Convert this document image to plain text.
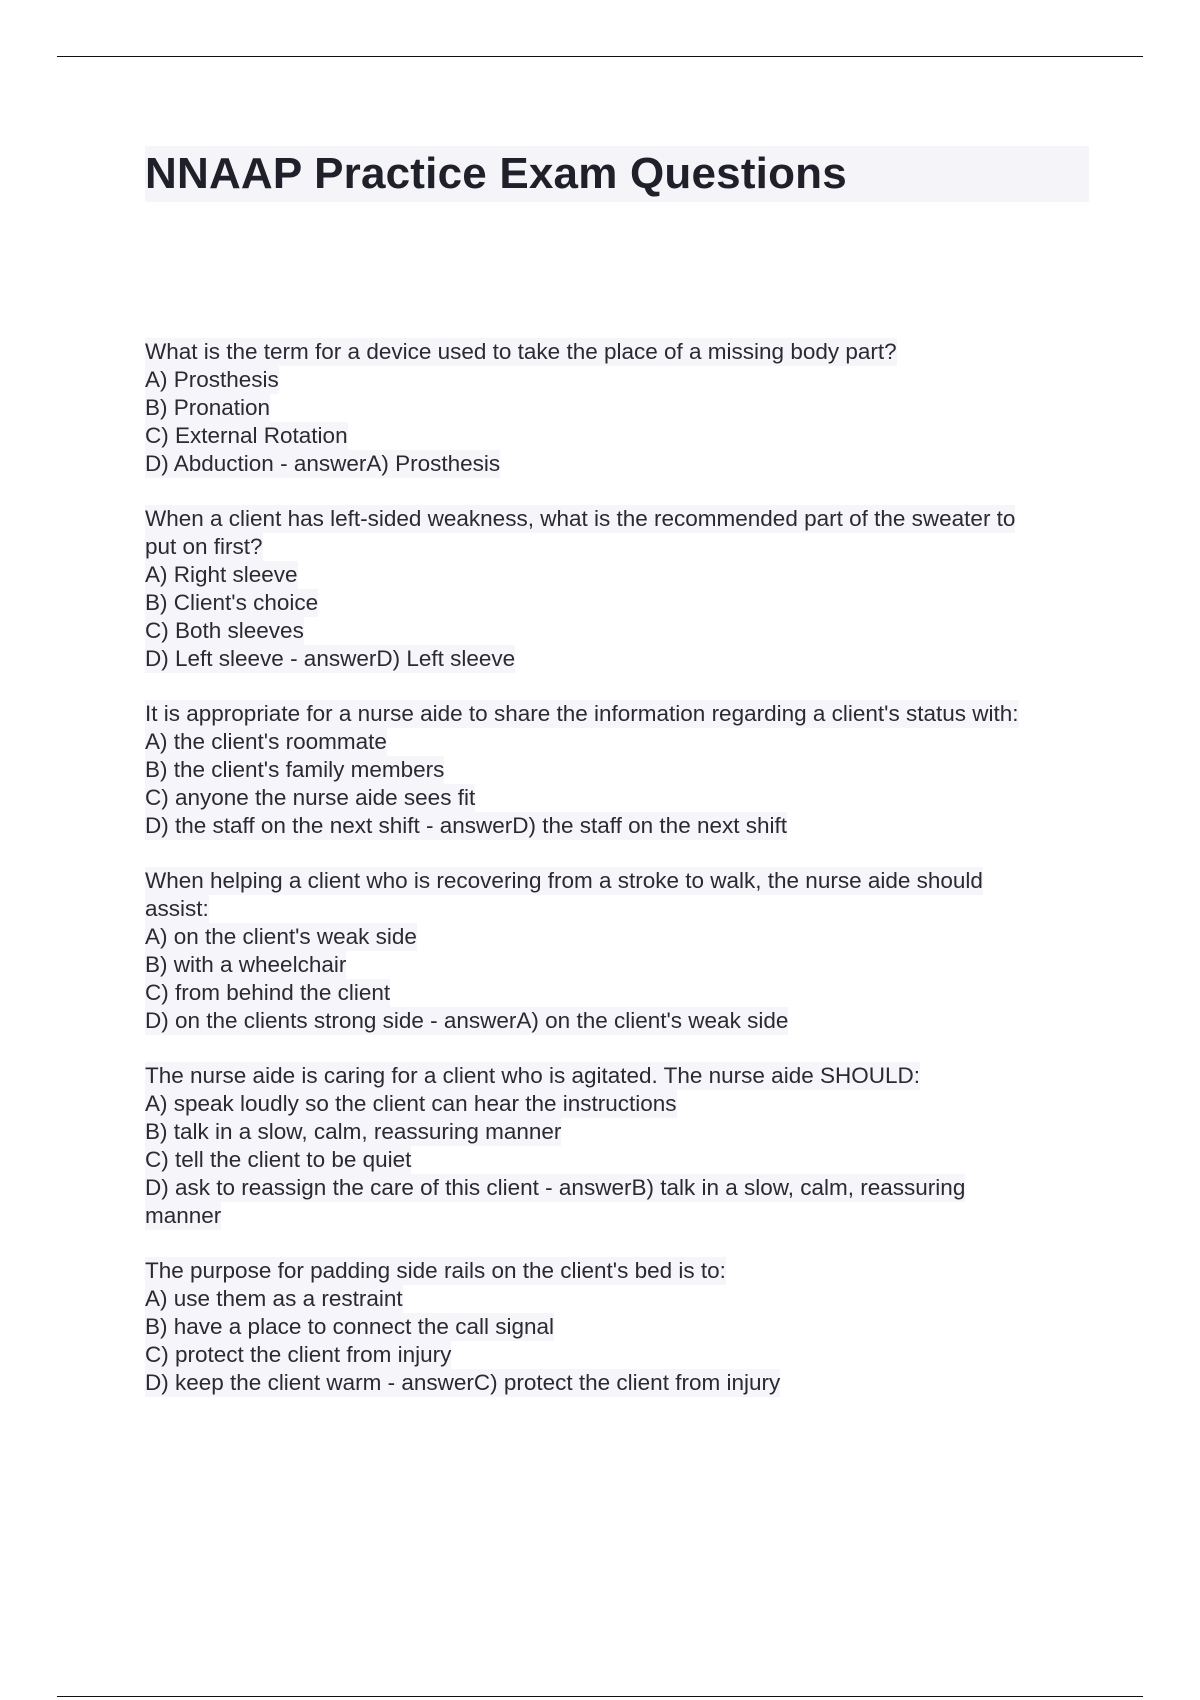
NNAAP Practice Exam Questions
What is the term for a device used to take the place of a missing body part?
A) Prosthesis
B) Pronation
C) External Rotation
D) Abduction - answerA) Prosthesis
When a client has left-sided weakness, what is the recommended part of the sweater to
put on first?
A) Right sleeve
B) Client's choice
C) Both sleeves
D) Left sleeve - answerD) Left sleeve
It is appropriate for a nurse aide to share the information regarding a client's status with:
A) the client's roommate
B) the client's family members
C) anyone the nurse aide sees fit
D) the staff on the next shift - answerD) the staff on the next shift
When helping a client who is recovering from a stroke to walk, the nurse aide should
assist:
A) on the client's weak side
B) with a wheelchair
C) from behind the client
D) on the clients strong side - answerA) on the client's weak side
The nurse aide is caring for a client who is agitated. The nurse aide SHOULD:
A) speak loudly so the client can hear the instructions
B) talk in a slow, calm, reassuring manner
C) tell the client to be quiet
D) ask to reassign the care of this client - answerB) talk in a slow, calm, reassuring
manner
The purpose for padding side rails on the client's bed is to:
A) use them as a restraint
B) have a place to connect the call signal
C) protect the client from injury
D) keep the client warm - answerC) protect the client from injury
